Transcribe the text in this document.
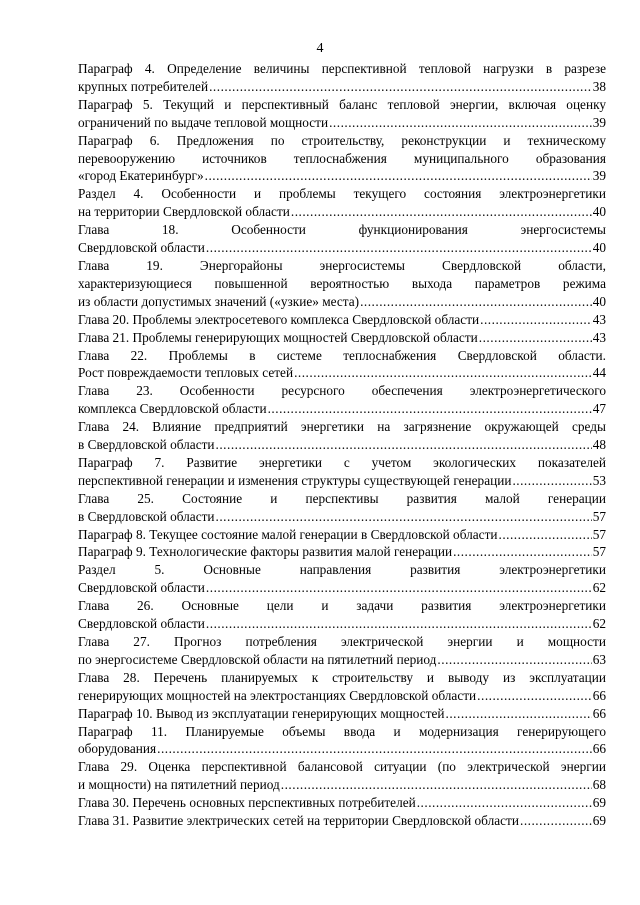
4
Параграф 4. Определение величины перспективной тепловой нагрузки в разрезе
крупных потребителей .....	38
Параграф 5. Текущий и перспективный баланс тепловой энергии, включая оценку
ограничений по выдаче тепловой мощности .....	39
Параграф 6. Предложения по строительству, реконструкции и техническому
перевооружению источников теплоснабжения муниципального образования
«город Екатеринбург» .....	39
Раздел 4. Особенности и проблемы текущего состояния электроэнергетики
на территории Свердловской области .....	40
Глава 18. Особенности функционирования энергосистемы
Свердловской области .....	40
Глава 19. Энергорайоны энергосистемы Свердловской области,
характеризующиеся повышенной вероятностью выхода параметров режима
из области допустимых значений («узкие» места) .....	40
Глава 20. Проблемы электросетевого комплекса Свердловской области .....	43
Глава 21. Проблемы генерирующих мощностей Свердловской области .....	43
Глава 22. Проблемы в системе теплоснабжения Свердловской области.
Рост повреждаемости тепловых сетей .....	44
Глава 23. Особенности ресурсного обеспечения электроэнергетического
комплекса Свердловской области .....	47
Глава 24. Влияние предприятий энергетики на загрязнение окружающей среды
в Свердловской области .....	48
Параграф 7. Развитие энергетики с учетом экологических показателей
перспективной генерации и изменения структуры существующей генерации .....	53
Глава 25. Состояние и перспективы развития малой генерации
в Свердловской области .....	57
Параграф 8. Текущее состояние малой генерации в Свердловской области .....	57
Параграф 9. Технологические факторы развития малой генерации .....	57
Раздел 5. Основные направления развития электроэнергетики
Свердловской области .....	62
Глава 26. Основные цели и задачи развития электроэнергетики
Свердловской области .....	62
Глава 27. Прогноз потребления электрической энергии и мощности
по энергосистеме Свердловской области на пятилетний период .....	63
Глава 28. Перечень планируемых к строительству и выводу из эксплуатации
генерирующих мощностей на электростанциях Свердловской области .....	66
Параграф 10. Вывод из эксплуатации генерирующих мощностей .....	66
Параграф 11. Планируемые объемы ввода и модернизация генерирующего
оборудования .....	66
Глава 29. Оценка перспективной балансовой ситуации (по электрической энергии
и мощности) на пятилетний период .....	68
Глава 30. Перечень основных перспективных потребителей .....	69
Глава 31. Развитие электрических сетей на территории Свердловской области .....	69
